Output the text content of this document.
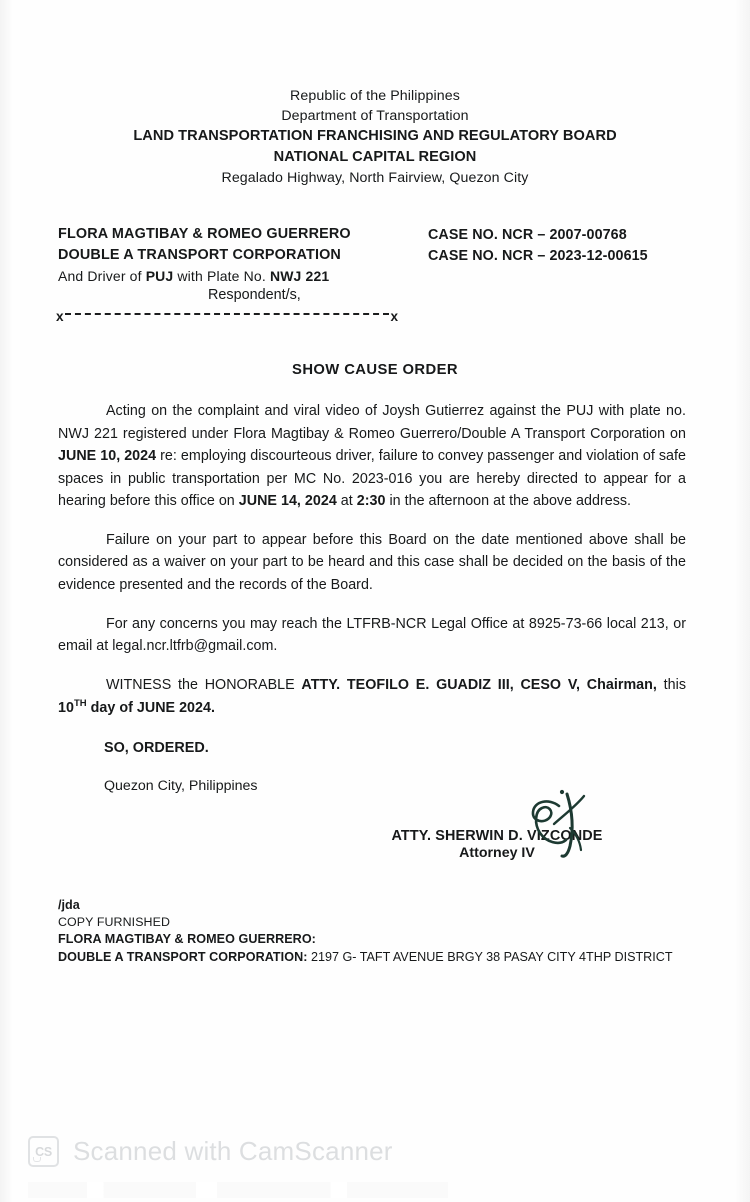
Republic of the Philippines
Department of Transportation
LAND TRANSPORTATION FRANCHISING AND REGULATORY BOARD
NATIONAL CAPITAL REGION
Regalado Highway, North Fairview, Quezon City
FLORA MAGTIBAY & ROMEO GUERRERO
DOUBLE A TRANSPORT CORPORATION
And Driver of PUJ with Plate No. NWJ 221
Respondent/s,
x	x
CASE NO. NCR – 2007-00768
CASE NO. NCR – 2023-12-00615
SHOW CAUSE ORDER

Acting on the complaint and viral video of Joysh Gutierrez against the PUJ with plate no. NWJ 221 registered under Flora Magtibay & Romeo Guerrero/Double A Transport Corporation on JUNE 10, 2024 re: employing discourteous driver, failure to convey passenger and violation of safe spaces in public transportation per MC No. 2023-016 you are hereby directed to appear for a hearing before this office on JUNE 14, 2024 at 2:30 in the afternoon at the above address.

Failure on your part to appear before this Board on the date mentioned above shall be considered as a waiver on your part to be heard and this case shall be decided on the basis of the evidence presented and the records of the Board.

For any concerns you may reach the LTFRB-NCR Legal Office at 8925-73-66 local 213, or email at legal.ncr.ltfrb@gmail.com.

WITNESS the HONORABLE ATTY. TEOFILO E. GUADIZ III, CESO V, Chairman, this 10TH day of JUNE 2024.

SO, ORDERED.
Quezon City, Philippines
ATTY. SHERWIN D. VIZCONDE
Attorney IV
/jda
COPY FURNISHED
FLORA MAGTIBAY & ROMEO GUERRERO:
DOUBLE A TRANSPORT CORPORATION: 2197 G- TAFT AVENUE BRGY 38 PASAY CITY 4THP DISTRICT
CS Scanned with CamScanner
